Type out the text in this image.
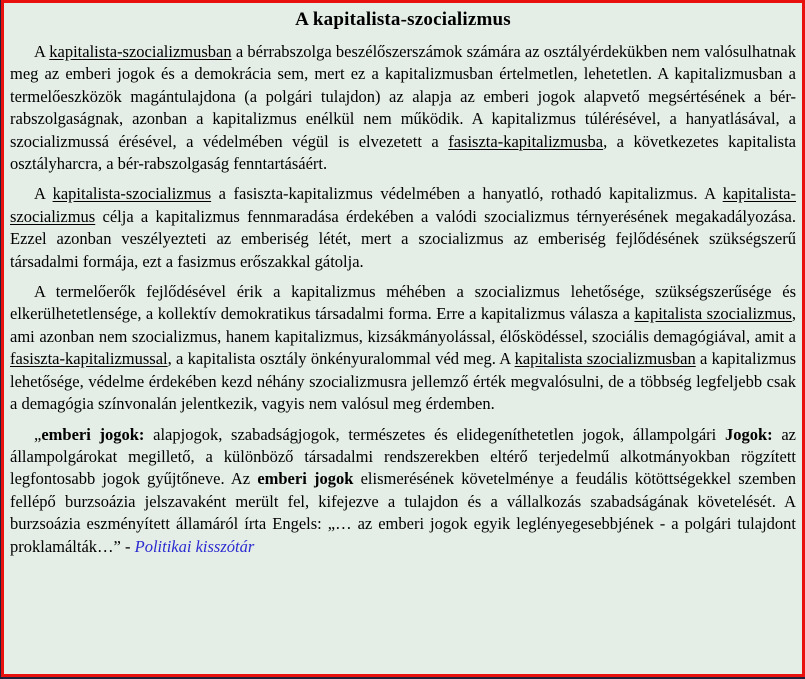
A kapitalista-szocializmus

A kapitalista-szocializmusban a bérrabszolga beszélőszerszámok számára az osztályérdekükben nem valósulhatnak meg az emberi jogok és a demokrácia sem, mert ez a kapitalizmusban értelmetlen, lehetetlen. A kapitalizmusban a termelőeszközök magántulajdona (a polgári tulajdon) az alapja az emberi jogok alapvető megsértésének a bér-rabszolgaságnak, azonban a kapitalizmus enélkül nem működik. A kapitalizmus túlérésével, a hanyatlásával, a szocializmussá érésével, a védelmében végül is elvezetett a fasiszta-kapitalizmusba, a következetes kapitalista osztályharcra, a bér-rabszolgaság fenntartásáért.

A kapitalista-szocializmus a fasiszta-kapitalizmus védelmében a hanyatló, rothadó kapitalizmus. A kapitalista-szocializmus célja a kapitalizmus fennmaradása érdekében a valódi szocializmus térnyerésének megakadályozása. Ezzel azonban veszélyezteti az emberiség létét, mert a szocializmus az emberiség fejlődésének szükségszerű társadalmi formája, ezt a fasizmus erőszakkal gátolja.

A termelőerők fejlődésével érik a kapitalizmus méhében a szocializmus lehetősége, szükségszerűsége és elkerülhetetlensége, a kollektív demokratikus társadalmi forma. Erre a kapitalizmus válasza a kapitalista szocializmus, ami azonban nem szocializmus, hanem kapitalizmus, kizsákmányolással, élősködéssel, szociális demagógiával, amit a fasiszta-kapitalizmussal, a kapitalista osztály önkényuralommal véd meg. A kapitalista szocializmusban a kapitalizmus lehetősége, védelme érdekében kezd néhány szocializmusra jellemző érték megvalósulni, de a többség legfeljebb csak a demagógia színvonalán jelentkezik, vagyis nem valósul meg érdemben.

„emberi jogok: alapjogok, szabadságjogok, természetes és elidegeníthetetlen jogok, állampolgári Jogok: az állampolgárokat megillető, a különböző társadalmi rendszerekben eltérő terjedelmű alkotmányokban rögzített legfontosabb jogok gyűjtőneve. Az emberi jogok elismerésének követelménye a feudális kötöttségekkel szemben fellépő burzsoázia jelszavaként merült fel, kifejezve a tulajdon és a vállalkozás szabadságának követelését. A burzsoázia eszményített államáról írta Engels: „… az emberi jogok egyik leglényegesebbjének - a polgári tulajdont proklamálták…” - Politikai kisszótár
